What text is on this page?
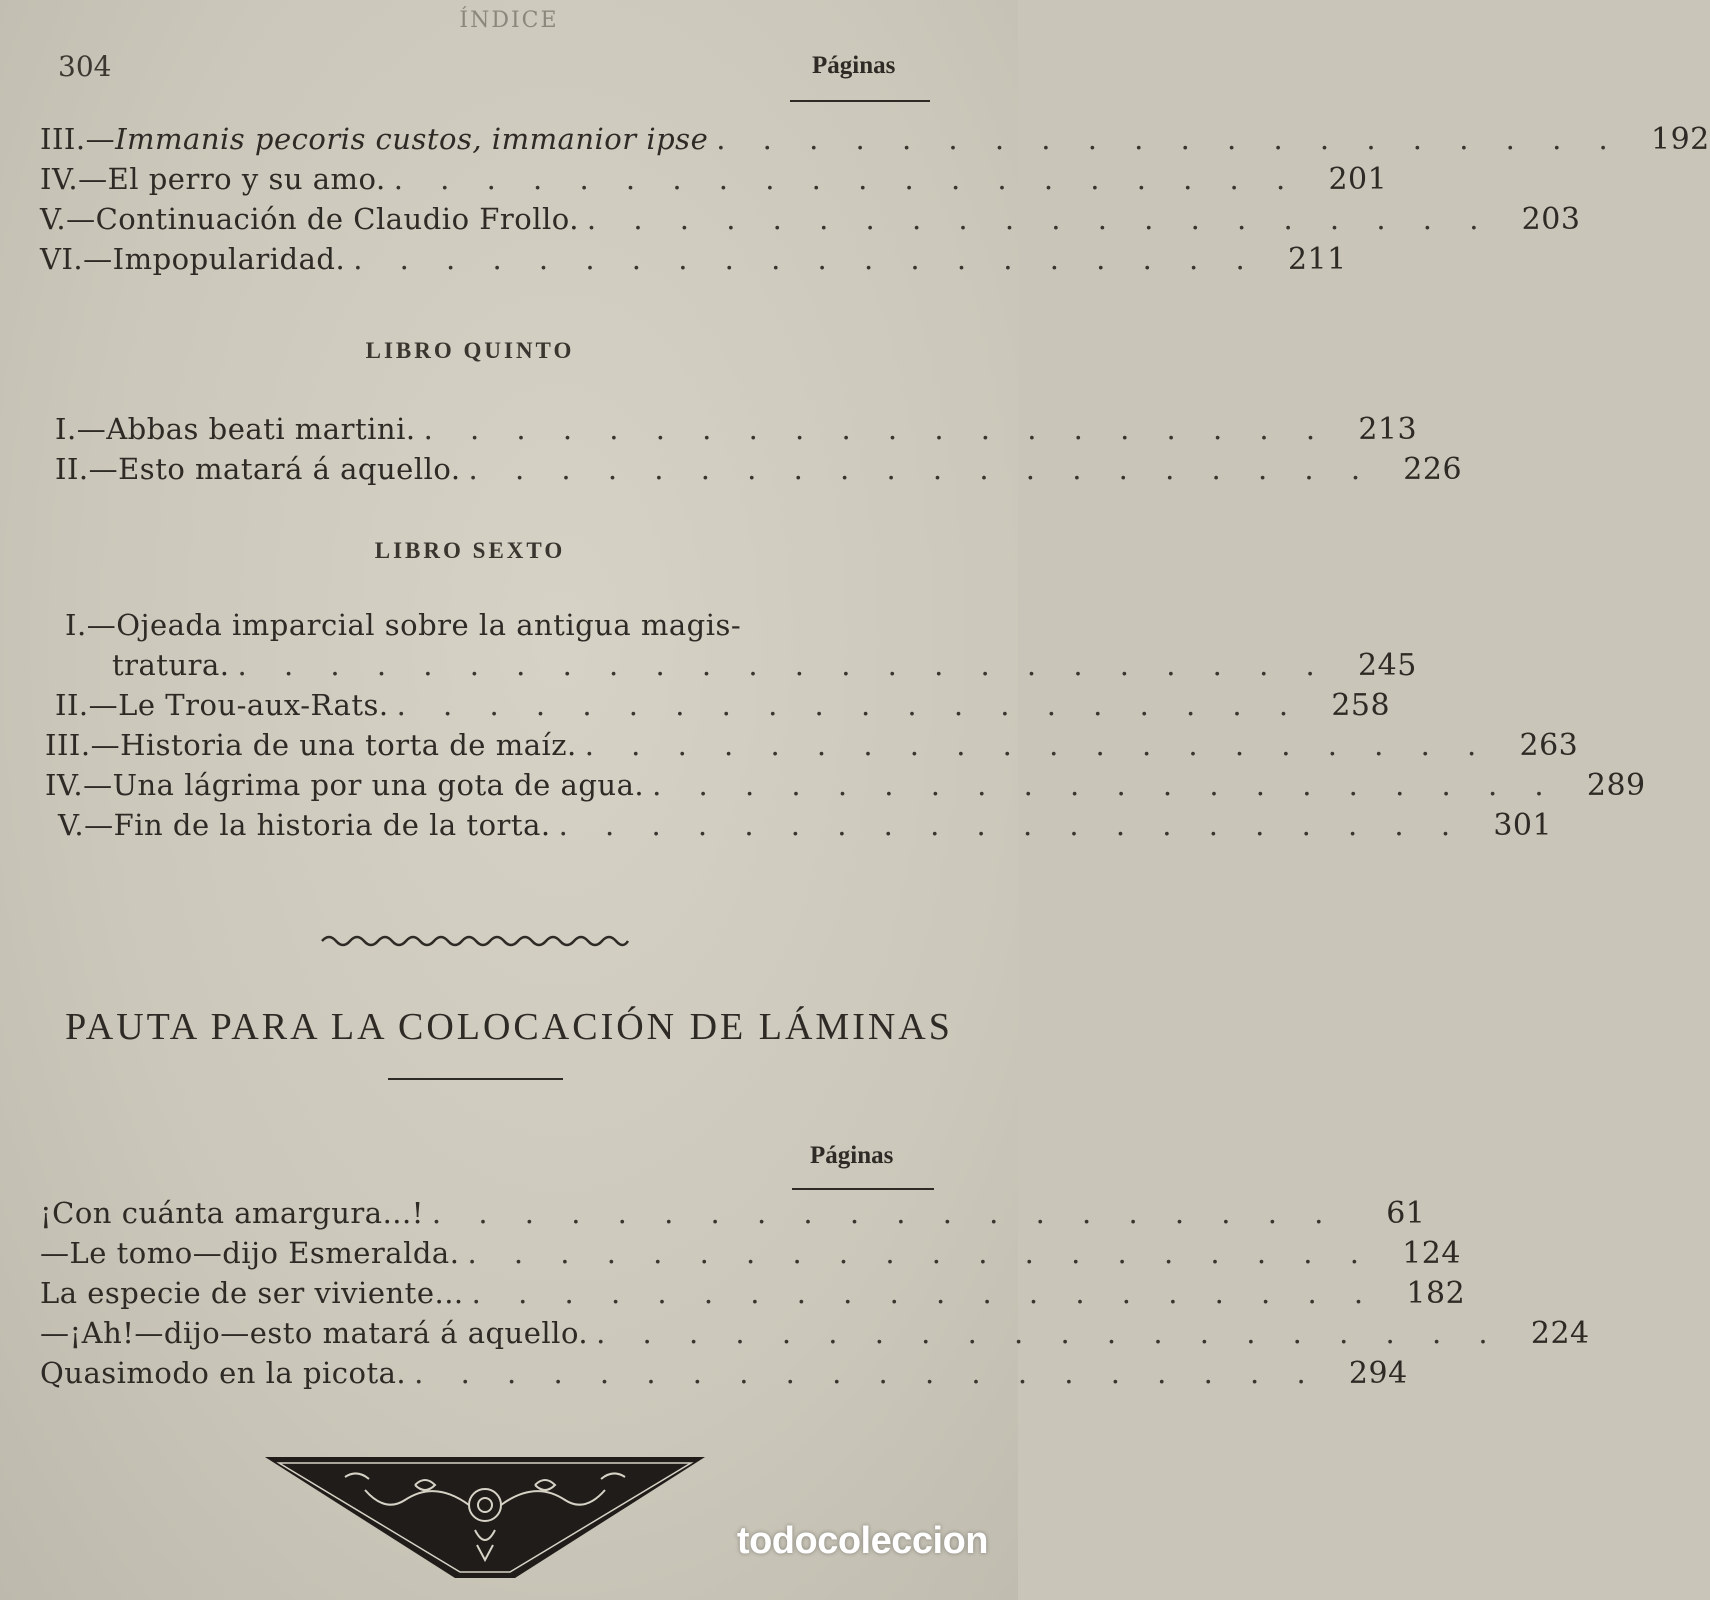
ÍNDICE
304	Páginas
III.—Immanis pecoris custos, immanior ipse . . . . . . . . . . . . . . . . . . . . 192
IV.—El perro y su amo. . . . . . . . . . . . . . . . . . . . . 201
V.—Continuación de Claudio Frollo. . . . . . . . . . . . . . . . . . . . . 203
VI.—Impopularidad. . . . . . . . . . . . . . . . . . . . . 211
LIBRO QUINTO
I.—Abbas beati martini. . . . . . . . . . . . . . . . . . . . . 213
II.—Esto matará á aquello. . . . . . . . . . . . . . . . . . . . . 226
LIBRO SEXTO
I.—Ojeada imparcial sobre la antigua magis-
tratura. . . . . . . . . . . . . . . . . . . . . . . . . 245
II.—Le Trou-aux-Rats. . . . . . . . . . . . . . . . . . . . . 258
III.—Historia de una torta de maíz. . . . . . . . . . . . . . . . . . . . . 263
IV.—Una lágrima por una gota de agua. . . . . . . . . . . . . . . . . . . . . 289
V.—Fin de la historia de la torta. . . . . . . . . . . . . . . . . . . . . 301
PAUTA PARA LA COLOCACIÓN DE LÁMINAS
Páginas
¡Con cuánta amargura...! . . . . . . . . . . . . . . . . . . . .	61
—Le tomo—dijo Esmeralda. . . . . . . . . . . . . . . . . . . . . 124
La especie de ser viviente... . . . . . . . . . . . . . . . . . . . . 182
—¡Ah!—dijo—esto matará á aquello. . . . . . . . . . . . . . . . . . . . . 224
Quasimodo en la picota. . . . . . . . . . . . . . . . . . . . . 294
todocoleccion
